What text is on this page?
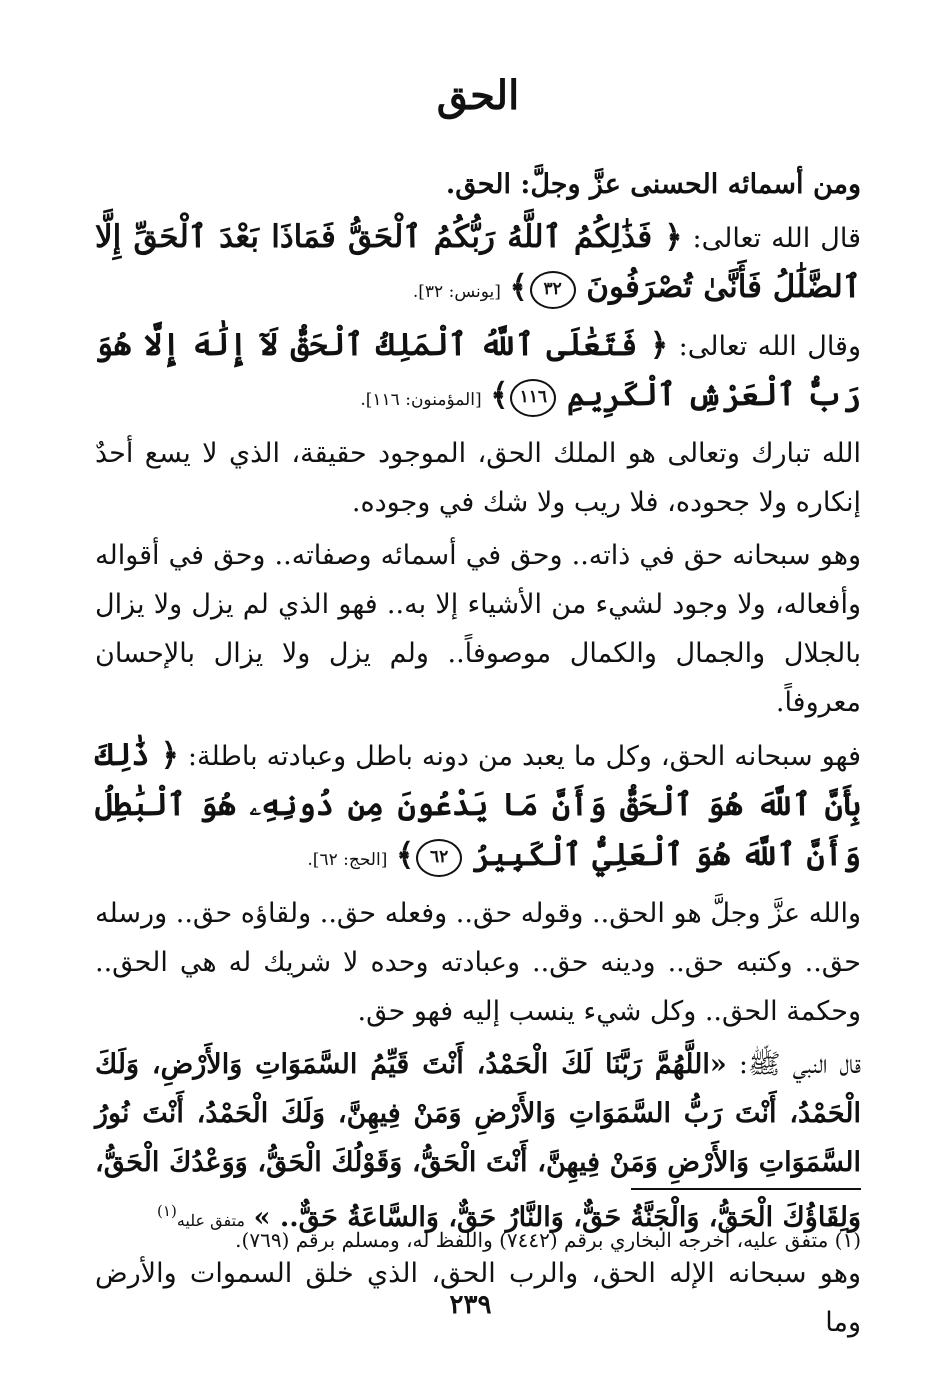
الحق

ومن أسمائه الحسنى عزَّ وجلَّ: الحق.

قال الله تعالى: ﴿ فَذَٰلِكُمُ ٱللَّهُ رَبُّكُمُ ٱلْحَقُّ فَمَاذَا بَعْدَ ٱلْحَقِّ إِلَّا ٱلضَّلَٰلُ فَأَنَّىٰ تُصْرَفُونَ ٣٢﴾ [يونس: ٣٢].

وقال الله تعالى: ﴿ فَتَعَٰلَى ٱللَّهُ ٱلْمَلِكُ ٱلْحَقُّ لَآ إِلَٰهَ إِلَّا هُوَ رَبُّ ٱلْعَرْشِ ٱلْكَرِيمِ ١١٦﴾ [المؤمنون: ١١٦].

الله تبارك وتعالى هو الملك الحق، الموجود حقيقة، الذي لا يسع أحدٌ إنكاره ولا جحوده، فلا ريب ولا شك في وجوده.

وهو سبحانه حق في ذاته.. وحق في أسمائه وصفاته.. وحق في أقواله وأفعاله، ولا وجود لشيء من الأشياء إلا به.. فهو الذي لم يزل ولا يزال بالجلال والجمال والكمال موصوفاً.. ولم يزل ولا يزال بالإحسان معروفاً.

فهو سبحانه الحق، وكل ما يعبد من دونه باطل وعبادته باطلة: ﴿ ذَٰلِكَ بِأَنَّ ٱللَّهَ هُوَ ٱلْحَقُّ وَأَنَّ مَا يَدْعُونَ مِن دُونِهِۦ هُوَ ٱلْبَٰطِلُ وَأَنَّ ٱللَّهَ هُوَ ٱلْعَلِيُّ ٱلْكَبِيرُ ٦٢﴾ [الحج: ٦٢].

والله عزَّ وجلَّ هو الحق.. وقوله حق.. وفعله حق.. ولقاؤه حق.. ورسله حق.. وكتبه حق.. ودينه حق.. وعبادته وحده لا شريك له هي الحق.. وحكمة الحق.. وكل شيء ينسب إليه فهو حق.

قال النبي ﷺ: «اللَّهُمَّ رَبَّنَا لَكَ الْحَمْدُ، أَنْتَ قَيِّمُ السَّمَوَاتِ وَالأَرْضِ، وَلَكَ الْحَمْدُ، أَنْتَ رَبُّ السَّمَوَاتِ وَالأَرْضِ وَمَنْ فِيهِنَّ، وَلَكَ الْحَمْدُ، أَنْتَ نُورُ السَّمَوَاتِ وَالأَرْضِ وَمَنْ فِيهِنَّ، أَنْتَ الْحَقُّ، وَقَوْلُكَ الْحَقُّ، وَوَعْدُكَ الْحَقُّ، وَلِقَاؤُكَ الْحَقُّ، وَالْجَنَّةُ حَقٌّ، وَالنَّارُ حَقٌّ، وَالسَّاعَةُ حَقٌّ.. » متفق عليه$^{(١)}$

وهو سبحانه الإله الحق، والرب الحق، الذي خلق السموات والأرض وما

(١) متفق عليه، أخرجه البخاري برقم (٧٤٤٢) واللفظ له، ومسلم برقم (٧٦٩).
٢٣٩
